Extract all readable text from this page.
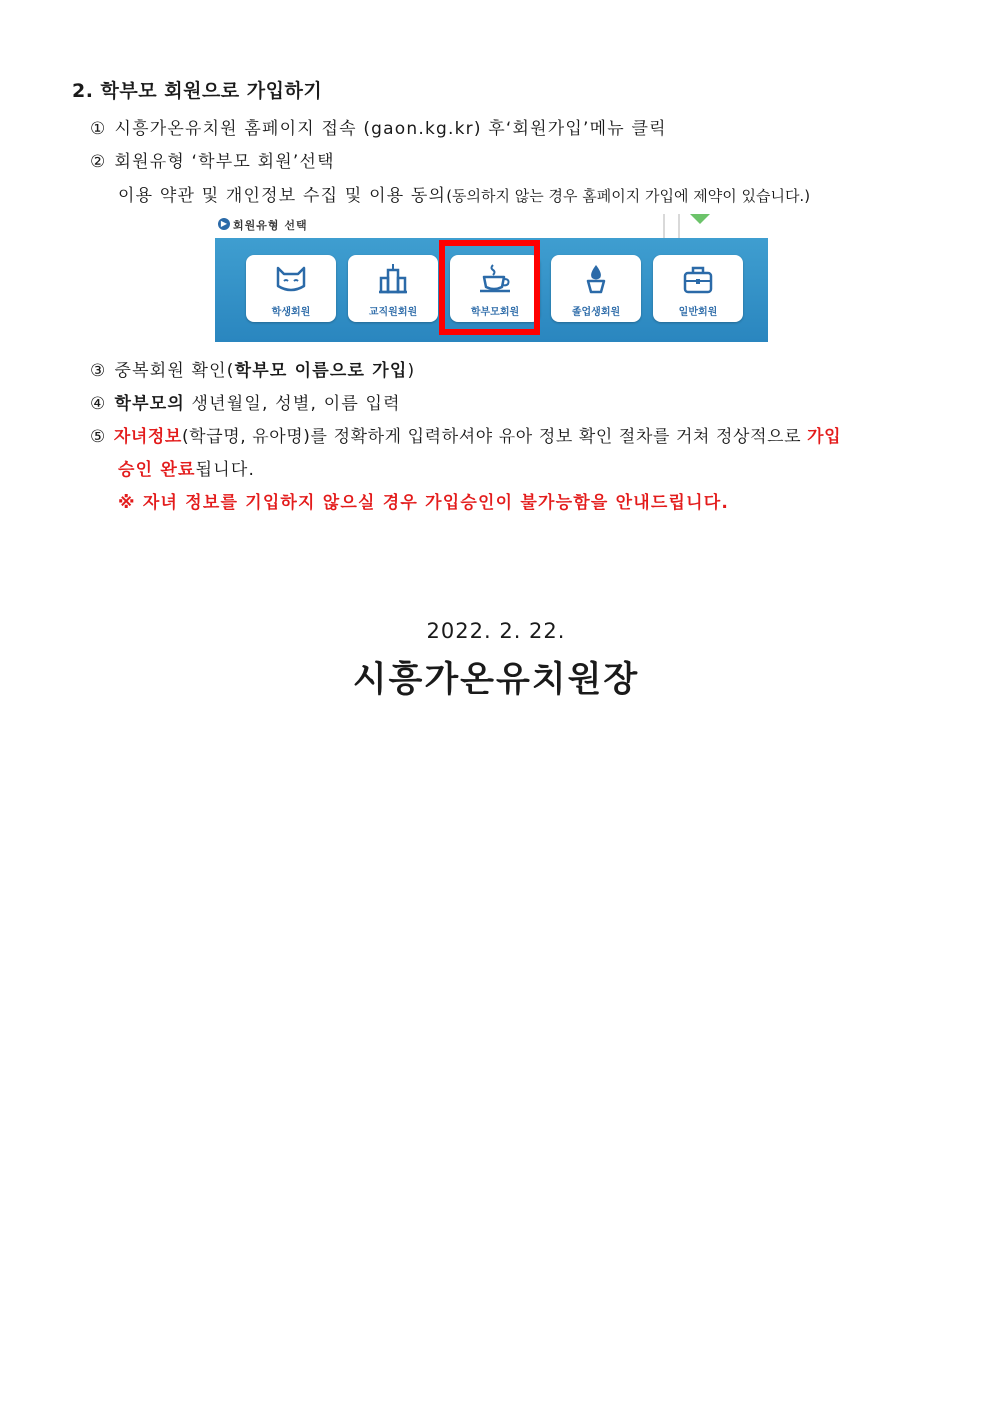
2. 학부모 회원으로 가입하기
① 시흥가온유치원 홈페이지 접속 (gaon.kg.kr) 후‘회원가입’메뉴 클릭
② 회원유형 ‘학부모 회원’선택
이용 약관 및 개인정보 수집 및 이용 동의(동의하지 않는 경우 홈페이지 가입에 제약이 있습니다.)
▶ 회원유형 선택
학생회원	교직원회원	학부모회원	졸업생회원	일반회원
③ 중복회원 확인(학부모 이름으로 가입)
④ 학부모의 생년월일, 성별, 이름 입력
⑤ 자녀정보(학급명, 유아명)를 정확하게 입력하셔야 유아 정보 확인 절차를 거쳐 정상적으로 가입
승인 완료됩니다.
※ 자녀 정보를 기입하지 않으실 경우 가입승인이 불가능함을 안내드립니다.
2022. 2. 22.
시흥가온유치원장
